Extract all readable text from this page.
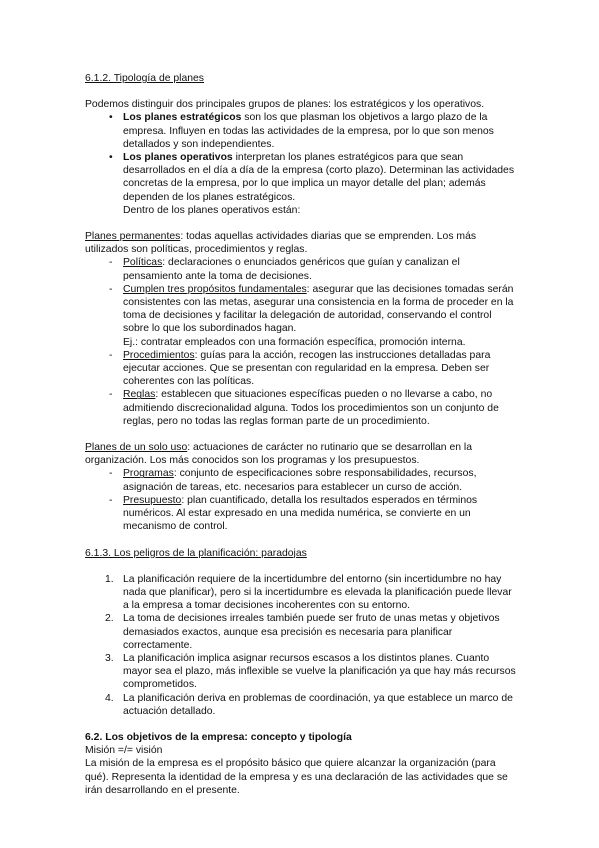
6.1.2. Tipología de planes

Podemos distinguir dos principales grupos de planes: los estratégicos y los operativos.

• Los planes estratégicos son los que plasman los objetivos a largo plazo de la empresa. Influyen en todas las actividades de la empresa, por lo que son menos detallados y son independientes.
• Los planes operativos interpretan los planes estratégicos para que sean desarrollados en el día a día de la empresa (corto plazo). Determinan las actividades concretas de la empresa, por lo que implica un mayor detalle del plan; además dependen de los planes estratégicos.

Dentro de los planes operativos están:

Planes permanentes: todas aquellas actividades diarias que se emprenden. Los más utilizados son políticas, procedimientos y reglas.

- Políticas: declaraciones o enunciados genéricos que guían y canalizan el pensamiento ante la toma de decisiones.
- Cumplen tres propósitos fundamentales: asegurar que las decisiones tomadas serán consistentes con las metas, asegurar una consistencia en la forma de proceder en la toma de decisiones y facilitar la delegación de autoridad, conservando el control sobre lo que los subordinados hagan.
Ej.: contratar empleados con una formación específica, promoción interna.
- Procedimientos: guías para la acción, recogen las instrucciones detalladas para ejecutar acciones. Que se presentan con regularidad en la empresa. Deben ser coherentes con las políticas.
- Reglas: establecen que situaciones específicas pueden o no llevarse a cabo, no admitiendo discrecionalidad alguna. Todos los procedimientos son un conjunto de reglas, pero no todas las reglas forman parte de un procedimiento.

Planes de un solo uso: actuaciones de carácter no rutinario que se desarrollan en la organización. Los más conocidos son los programas y los presupuestos.

- Programas: conjunto de especificaciones sobre responsabilidades, recursos, asignación de tareas, etc. necesarios para establecer un curso de acción.
- Presupuesto: plan cuantificado, detalla los resultados esperados en términos numéricos. Al estar expresado en una medida numérica, se convierte en un mecanismo de control.

6.1.3. Los peligros de la planificación: paradojas

1. La planificación requiere de la incertidumbre del entorno (sin incertidumbre no hay nada que planificar), pero si la incertidumbre es elevada la planificación puede llevar a la empresa a tomar decisiones incoherentes con su entorno.
2. La toma de decisiones irreales también puede ser fruto de unas metas y objetivos demasiados exactos, aunque esa precisión es necesaria para planificar correctamente.
3. La planificación implica asignar recursos escasos a los distintos planes. Cuanto mayor sea el plazo, más inflexible se vuelve la planificación ya que hay más recursos comprometidos.
4. La planificación deriva en problemas de coordinación, ya que establece un marco de actuación detallado.

6.2. Los objetivos de la empresa: concepto y tipología

Misión =/= visión

La misión de la empresa es el propósito básico que quiere alcanzar la organización (para qué). Representa la identidad de la empresa y es una declaración de las actividades que se irán desarrollando en el presente.
